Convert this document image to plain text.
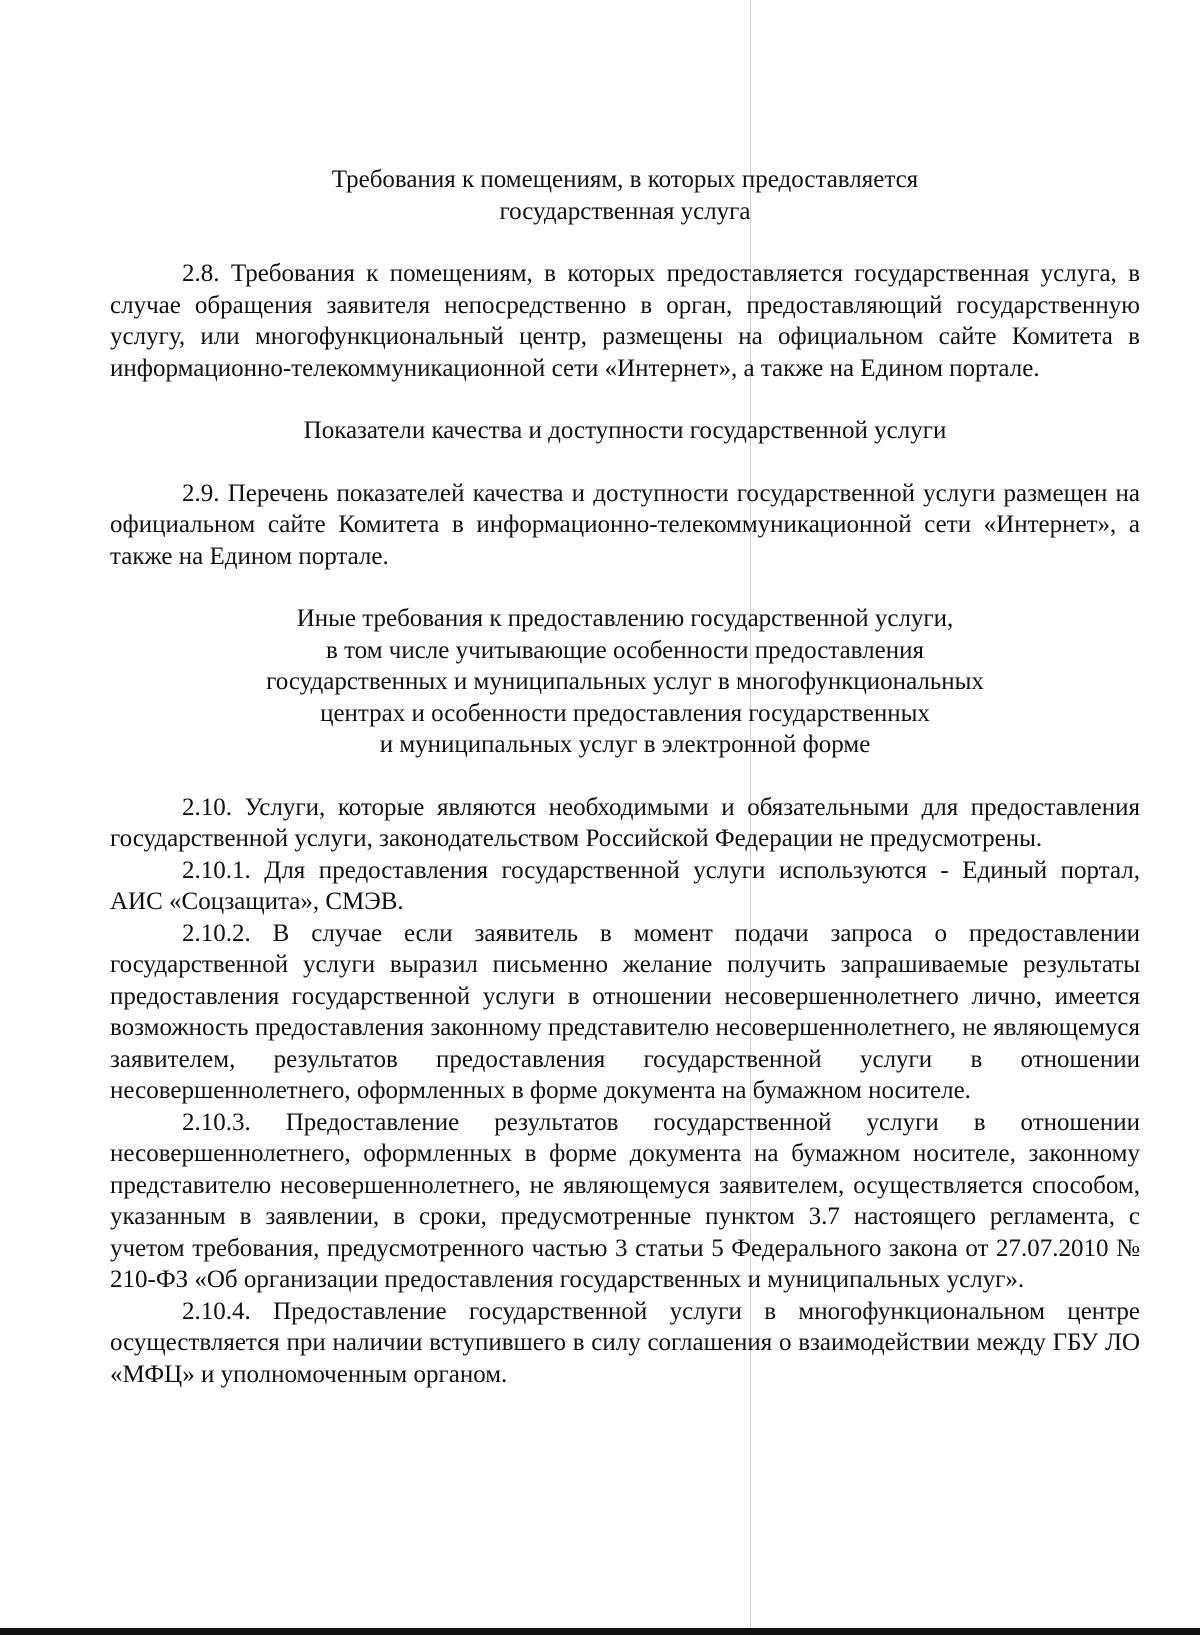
Требования к помещениям, в которых предоставляется
государственная услуга

2.8. Требования к помещениям, в которых предоставляется государственная услуга, в случае обращения заявителя непосредственно в орган, предоставляющий государственную услугу, или многофункциональный центр, размещены на официальном сайте Комитета в информационно-телекоммуникационной сети «Интернет», а также на Едином портале.

Показатели качества и доступности государственной услуги

2.9. Перечень показателей качества и доступности государственной услуги размещен на официальном сайте Комитета в информационно-телекоммуникационной сети «Интернет», а также на Едином портале.

Иные требования к предоставлению государственной услуги,
в том числе учитывающие особенности предоставления
государственных и муниципальных услуг в многофункциональных
центрах и особенности предоставления государственных
и муниципальных услуг в электронной форме

2.10. Услуги, которые являются необходимыми и обязательными для предоставления государственной услуги, законодательством Российской Федерации не предусмотрены.

2.10.1. Для предоставления государственной услуги используются - Единый портал, АИС «Соцзащита», СМЭВ.

2.10.2. В случае если заявитель в момент подачи запроса о предоставлении государственной услуги выразил письменно желание получить запрашиваемые результаты предоставления государственной услуги в отношении несовершеннолетнего лично, имеется возможность предоставления законному представителю несовершеннолетнего, не являющемуся заявителем, результатов предоставления государственной услуги в отношении несовершеннолетнего, оформленных в форме документа на бумажном носителе.

2.10.3. Предоставление результатов государственной услуги в отношении несовершеннолетнего, оформленных в форме документа на бумажном носителе, законному представителю несовершеннолетнего, не являющемуся заявителем, осуществляется способом, указанным в заявлении, в сроки, предусмотренные пунктом 3.7 настоящего регламента, с учетом требования, предусмотренного частью 3 статьи 5 Федерального закона от 27.07.2010 № 210-ФЗ «Об организации предоставления государственных и муниципальных услуг».

2.10.4. Предоставление государственной услуги в многофункциональном центре осуществляется при наличии вступившего в силу соглашения о взаимодействии между ГБУ ЛО «МФЦ» и уполномоченным органом.
